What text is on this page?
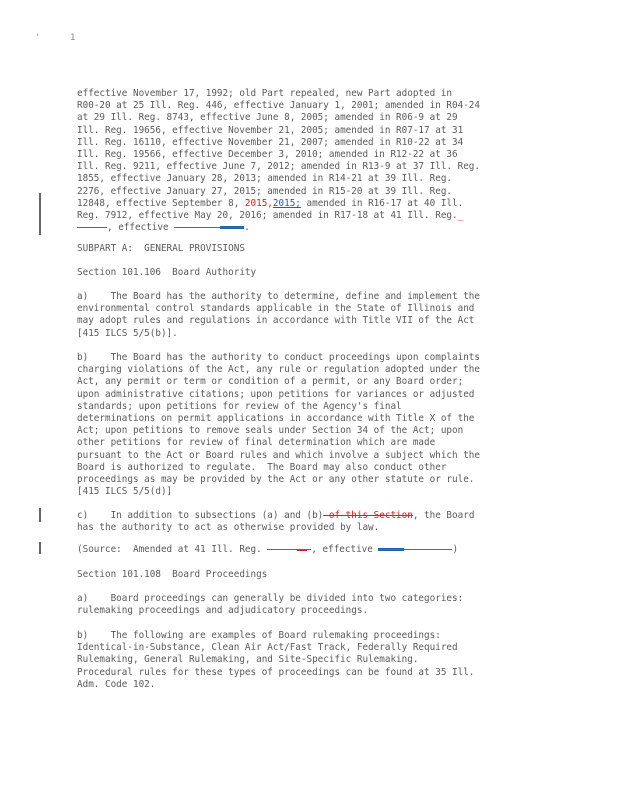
'	1
effective November 17, 1992; old Part repealed, new Part adopted in
R00-20 at 25 Ill. Reg. 446, effective January 1, 2001; amended in R04-24
at 29 Ill. Reg. 8743, effective June 8, 2005; amended in R06-9 at 29
Ill. Reg. 19656, effective November 21, 2005; amended in R07-17 at 31
Ill. Reg. 16110, effective November 21, 2007; amended in R10-22 at 34
Ill. Reg. 19566, effective December 3, 2010; amended in R12-22 at 36
Ill. Reg. 9211, effective June 7, 2012; amended in R13-9 at 37 Ill. Reg.
1855, effective January 28, 2013; amended in R14-21 at 39 Ill. Reg.
2276, effective January 27, 2015; amended in R15-20 at 39 Ill. Reg.
12848, effective September 8, 2015,2015; amended in R16-17 at 40 Ill.
Reg. 7912, effective May 20, 2016; amended in R17-18 at 41 Ill. Reg._
, effective	.
SUBPART A:  GENERAL PROVISIONS
Section 101.106  Board Authority
a)    The Board has the authority to determine, define and implement the
environmental control standards applicable in the State of Illinois and
may adopt rules and regulations in accordance with Title VII of the Act
[415 ILCS 5/5(b)].
b)    The Board has the authority to conduct proceedings upon complaints
charging violations of the Act, any rule or regulation adopted under the
Act, any permit or term or condition of a permit, or any Board order;
upon administrative citations; upon petitions for variances or adjusted
standards; upon petitions for review of the Agency's final
determinations on permit applications in accordance with Title X of the
Act; upon petitions to remove seals under Section 34 of the Act; upon
other petitions for review of final determination which are made
pursuant to the Act or Board rules and which involve a subject which the
Board is authorized to regulate.  The Board may also conduct other
proceedings as may be provided by the Act or any other statute or rule.
[415 ILCS 5/5(d)]
c)    In addition to subsections (a) and (b) of this Section, the Board
has the authority to act as otherwise provided by law.
(Source:  Amended at 41 Ill. Reg.	, effective	)
Section 101.108  Board Proceedings
a)    Board proceedings can generally be divided into two categories:
rulemaking proceedings and adjudicatory proceedings.
b)    The following are examples of Board rulemaking proceedings:
Identical-in-Substance, Clean Air Act/Fast Track, Federally Required
Rulemaking, General Rulemaking, and Site-Specific Rulemaking.
Procedural rules for these types of proceedings can be found at 35 Ill.
Adm. Code 102.
